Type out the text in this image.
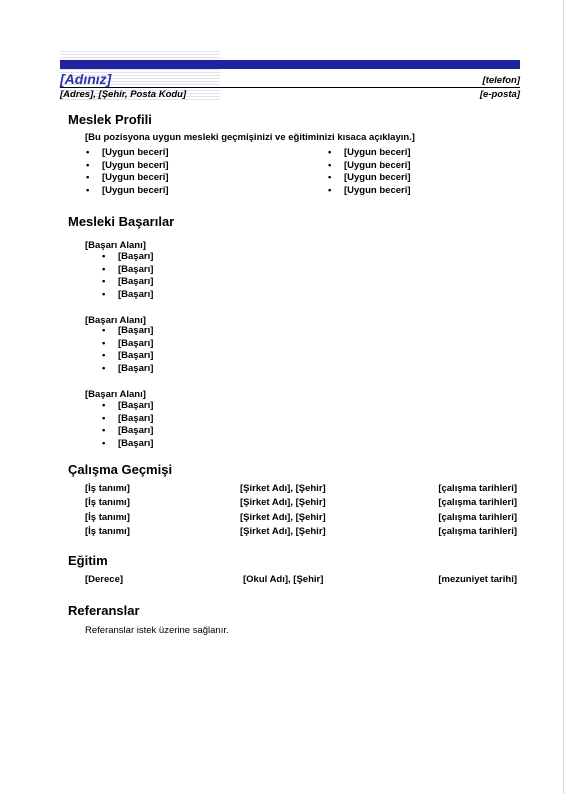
[Adınız]	[telefon]
[Adres], [Şehir, Posta Kodu]	[e-posta]
Meslek Profili
[Bu pozisyona uygun mesleki geçmişinizi ve eğitiminizi kısaca açıklayın.]
• [Uygun beceri]
• [Uygun beceri]
• [Uygun beceri]
• [Uygun beceri]
• [Uygun beceri]
• [Uygun beceri]
• [Uygun beceri]
• [Uygun beceri]
Mesleki Başarılar
[Başarı Alanı]
• [Başarı]
• [Başarı]
• [Başarı]
• [Başarı]
[Başarı Alanı]
• [Başarı]
• [Başarı]
• [Başarı]
• [Başarı]
[Başarı Alanı]
• [Başarı]
• [Başarı]
• [Başarı]
• [Başarı]
Çalışma Geçmişi
[İş tanımı]	[Şirket Adı], [Şehir]	[çalışma tarihleri]
[İş tanımı]	[Şirket Adı], [Şehir]	[çalışma tarihleri]
[İş tanımı]	[Şirket Adı], [Şehir]	[çalışma tarihleri]
[İş tanımı]	[Şirket Adı], [Şehir]	[çalışma tarihleri]
Eğitim
[Derece]	[Okul Adı], [Şehir]	[mezuniyet tarihi]
Referanslar
Referanslar istek üzerine sağlanır.
